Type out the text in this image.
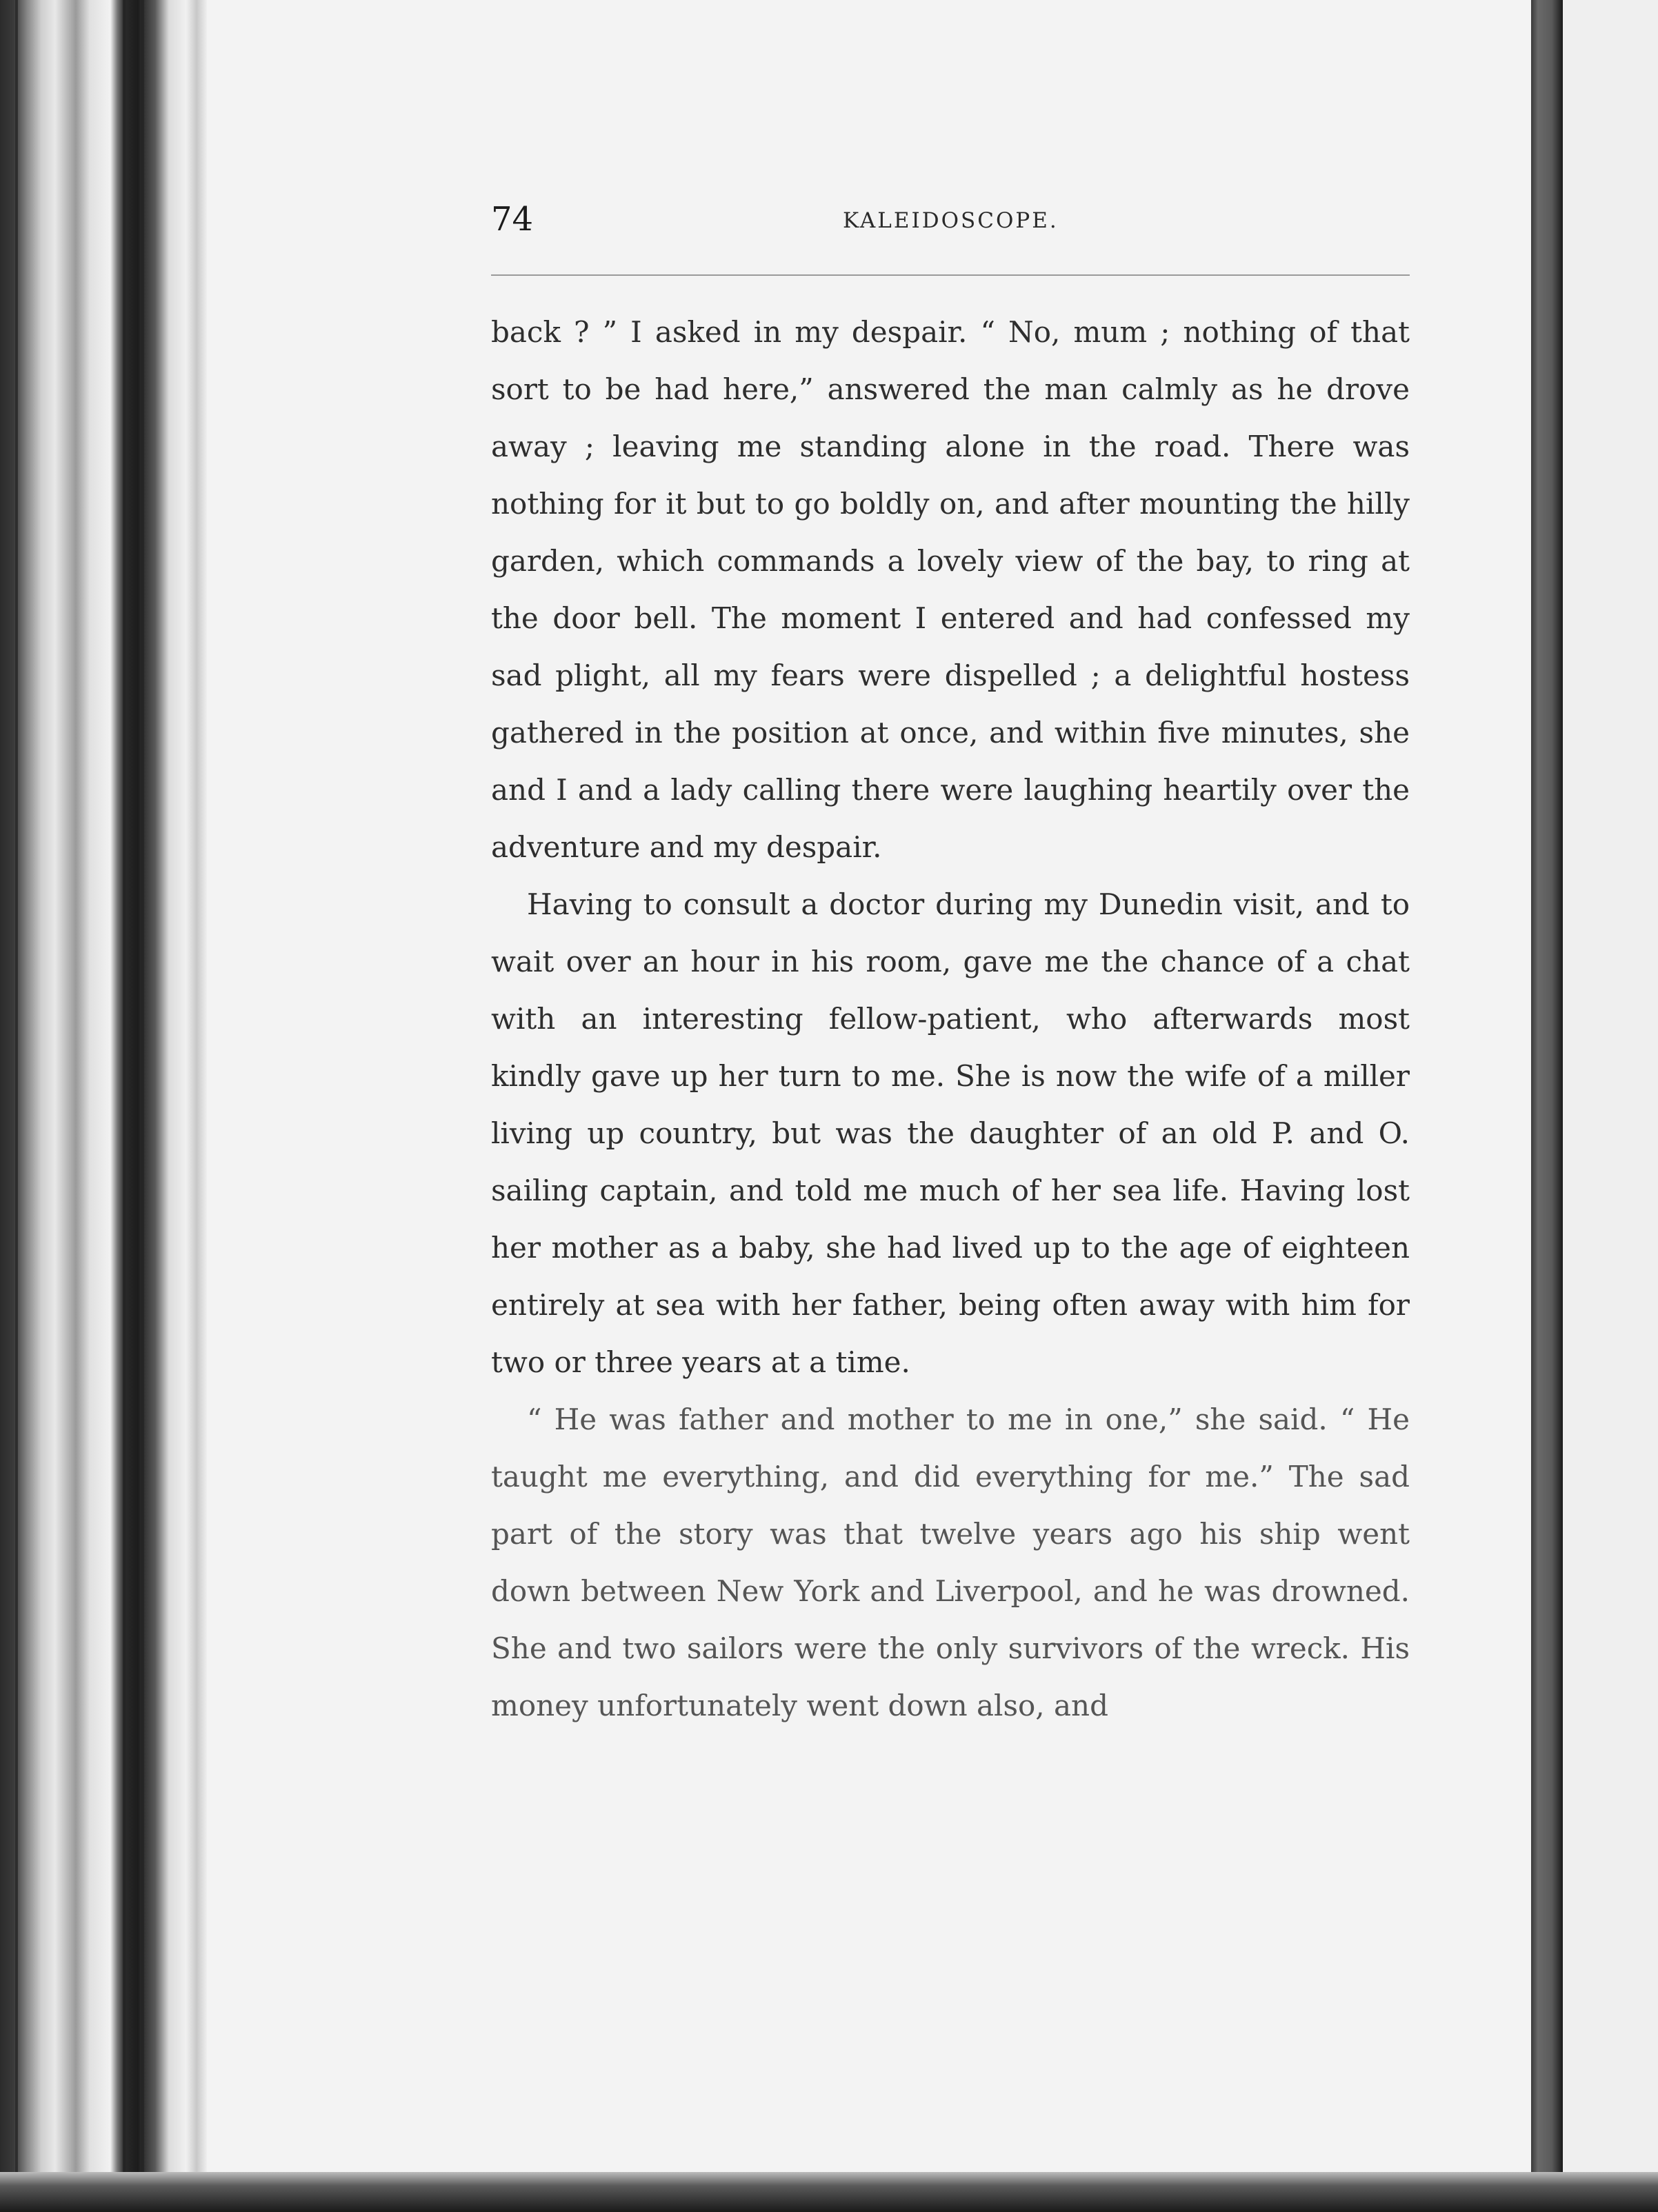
74	KALEIDOSCOPE.

back ? ” I asked in my despair. “ No, mum ; nothing of that sort to be had here,” answered the man calmly as he drove away ; leaving me standing alone in the road. There was nothing for it but to go boldly on, and after mounting the hilly garden, which commands a lovely view of the bay, to ring at the door bell. The moment I entered and had confessed my sad plight, all my fears were dispelled ; a delightful hostess gathered in the position at once, and within five minutes, she and I and a lady calling there were laughing heartily over the adventure and my despair.

Having to consult a doctor during my Dunedin visit, and to wait over an hour in his room, gave me the chance of a chat with an interesting fellow-patient, who afterwards most kindly gave up her turn to me. She is now the wife of a miller living up country, but was the daughter of an old P. and O. sailing captain, and told me much of her sea life. Having lost her mother as a baby, she had lived up to the age of eighteen entirely at sea with her father, being often away with him for two or three years at a time.

“ He was father and mother to me in one,” she said. “ He taught me everything, and did everything for me.” The sad part of the story was that twelve years ago his ship went down between New York and Liverpool, and he was drowned. She and two sailors were the only survivors of the wreck. His money unfortunately went down also, and
